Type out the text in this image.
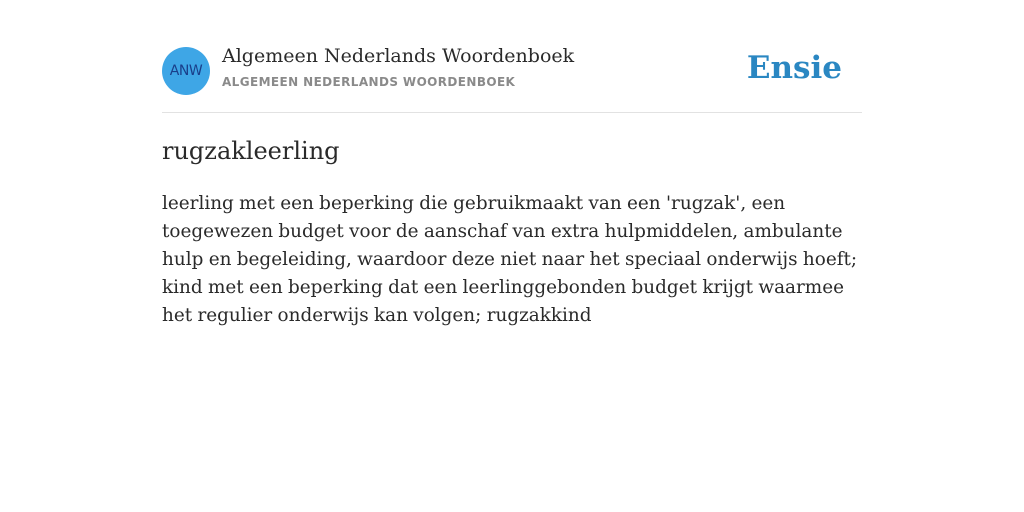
ANW
Algemeen Nederlands Woordenboek
ALGEMEEN NEDERLANDS WOORDENBOEK	Ensie
rugzakleerling
leerling met een beperking die gebruikmaakt van een 'rugzak', een toegewezen budget voor de aanschaf van extra hulpmiddelen, ambulante hulp en begeleiding, waardoor deze niet naar het speciaal onderwijs hoeft; kind met een beperking dat een leerlinggebonden budget krijgt waarmee het regulier onderwijs kan volgen; rugzakkind
